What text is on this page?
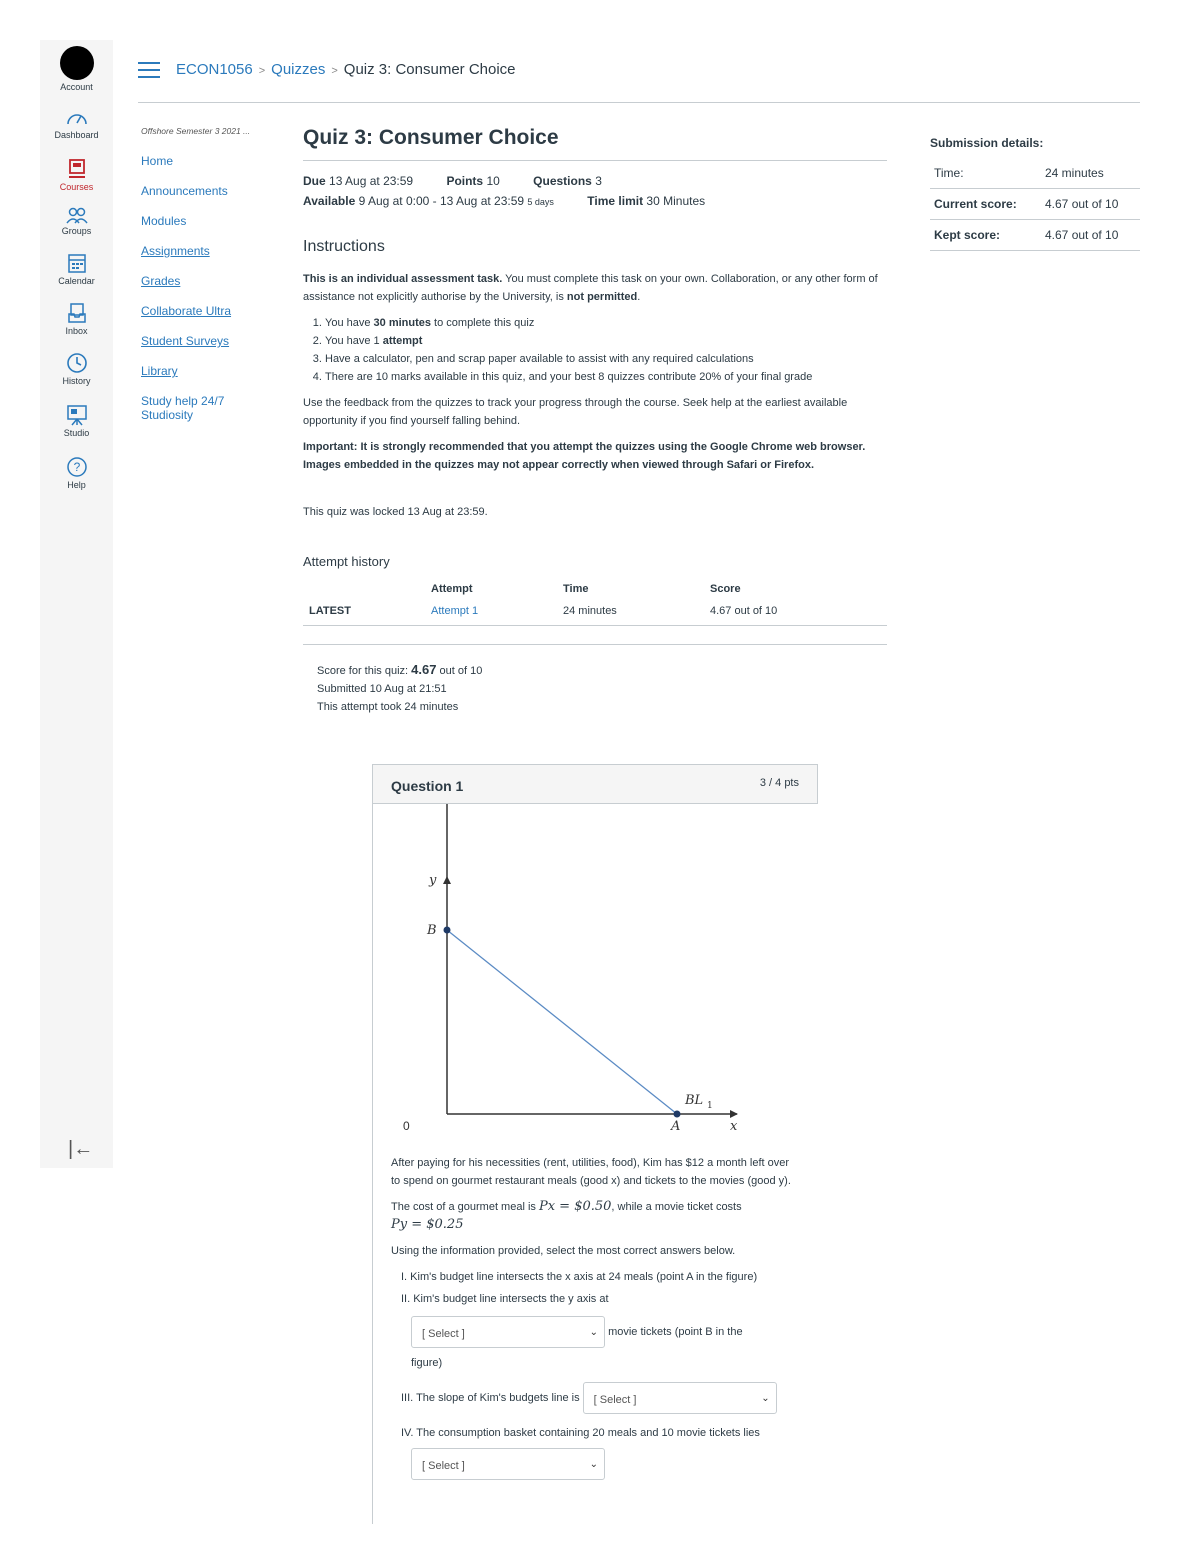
Account
Dashboard
Courses
Groups
Calendar
Inbox
History
Studio
?
Help
|←
ECON1056 > Quizzes > Quiz 3: Consumer Choice
Offshore Semester 3 2021 ...
Home
Announcements
Modules
Assignments
Grades
Collaborate Ultra
Student Surveys
Library
Study help 24/7 Studiosity
Quiz 3: Consumer Choice
Due 13 Aug at 23:59	Points 10	Questions 3
Available 9 Aug at 0:00 - 13 Aug at 23:59 5 days	Time limit 30 Minutes
Instructions

This is an individual assessment task. You must complete this task on your own. Collaboration, or any other form of assistance not explicitly authorise by the University, is not permitted.

1. You have 30 minutes to complete this quiz
2. You have 1 attempt
3. Have a calculator, pen and scrap paper available to assist with any required calculations
4. There are 10 marks available in this quiz, and your best 8 quizzes contribute 20% of your final grade

Use the feedback from the quizzes to track your progress through the course. Seek help at the earliest available opportunity if you find yourself falling behind.

Important: It is strongly recommended that you attempt the quizzes using the Google Chrome web browser. Images embedded in the quizzes may not appear correctly when viewed through Safari or Firefox.

This quiz was locked 13 Aug at 23:59.
Attempt history
	Attempt	Time	Score
LATEST	Attempt 1	24 minutes	4.67 out of 10
Score for this quiz: 4.67 out of 10
Submitted 10 Aug at 21:51
This attempt took 24 minutes
Question 1	3 / 4 pts
y
x
B
A
0
BL 1

After paying for his necessities (rent, utilities, food), Kim has $12 a month left over to spend on gourmet restaurant meals (good x) and tickets to the movies (good y).

The cost of a gourmet meal is Px = $0.50, while a movie ticket costs
Py = $0.25

Using the information provided, select the most correct answers below.

I. Kim's budget line intersects the x axis at 24 meals (point A in the figure)
II. Kim's budget line intersects the y axis at
[ Select ]	⌄ movie tickets (point B in the
figure)
III. The slope of Kim's budgets line is [ Select ]	⌄
IV. The consumption basket containing 20 meals and 10 movie tickets lies
[ Select ]	⌄
Submission details:
Time:	24 minutes
Current score:	4.67 out of 10
Kept score:	4.67 out of 10
